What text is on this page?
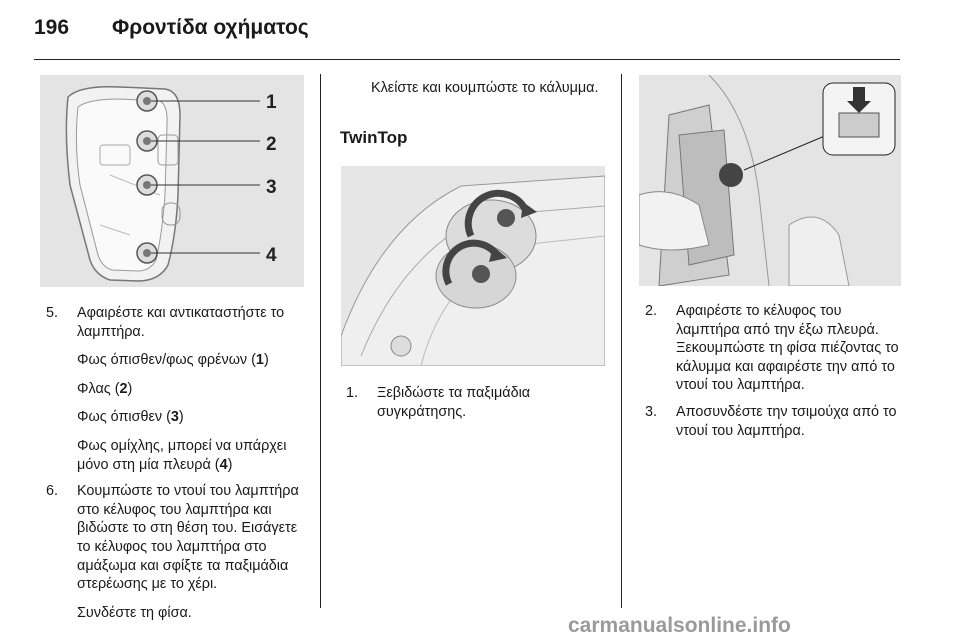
196 Φροντίδα οχήματος
1
2
3
4
5. Αφαιρέστε και αντικαταστήστε το λαμπτήρα.
Φως όπισθεν/φως φρένων (1)
Φλας (2)
Φως όπισθεν (3)
Φως ομίχλης, μπορεί να υπάρχει μόνο στη μία πλευρά (4)
6. Κουμπώστε το ντουί του λαμπτήρα στο κέλυφος του λαμπτήρα και βιδώστε το στη θέση του. Εισάγετε το κέλυφος του λαμπτήρα στο αμάξωμα και σφίξτε τα παξιμάδια στερέωσης με το χέρι.
Συνδέστε τη φίσα.
Κλείστε και κουμπώστε το κάλυμμα.
TwinTop
1. Ξεβιδώστε τα παξιμάδια συγκράτησης.
2. Αφαιρέστε το κέλυφος του λαμπτήρα από την έξω πλευρά. Ξεκουμπώστε τη φίσα πιέζοντας το κάλυμμα και αφαιρέστε την από το ντουί του λαμπτήρα.
3. Αποσυνδέστε την τσιμούχα από το ντουί του λαμπτήρα.
carmanualsonline.info
